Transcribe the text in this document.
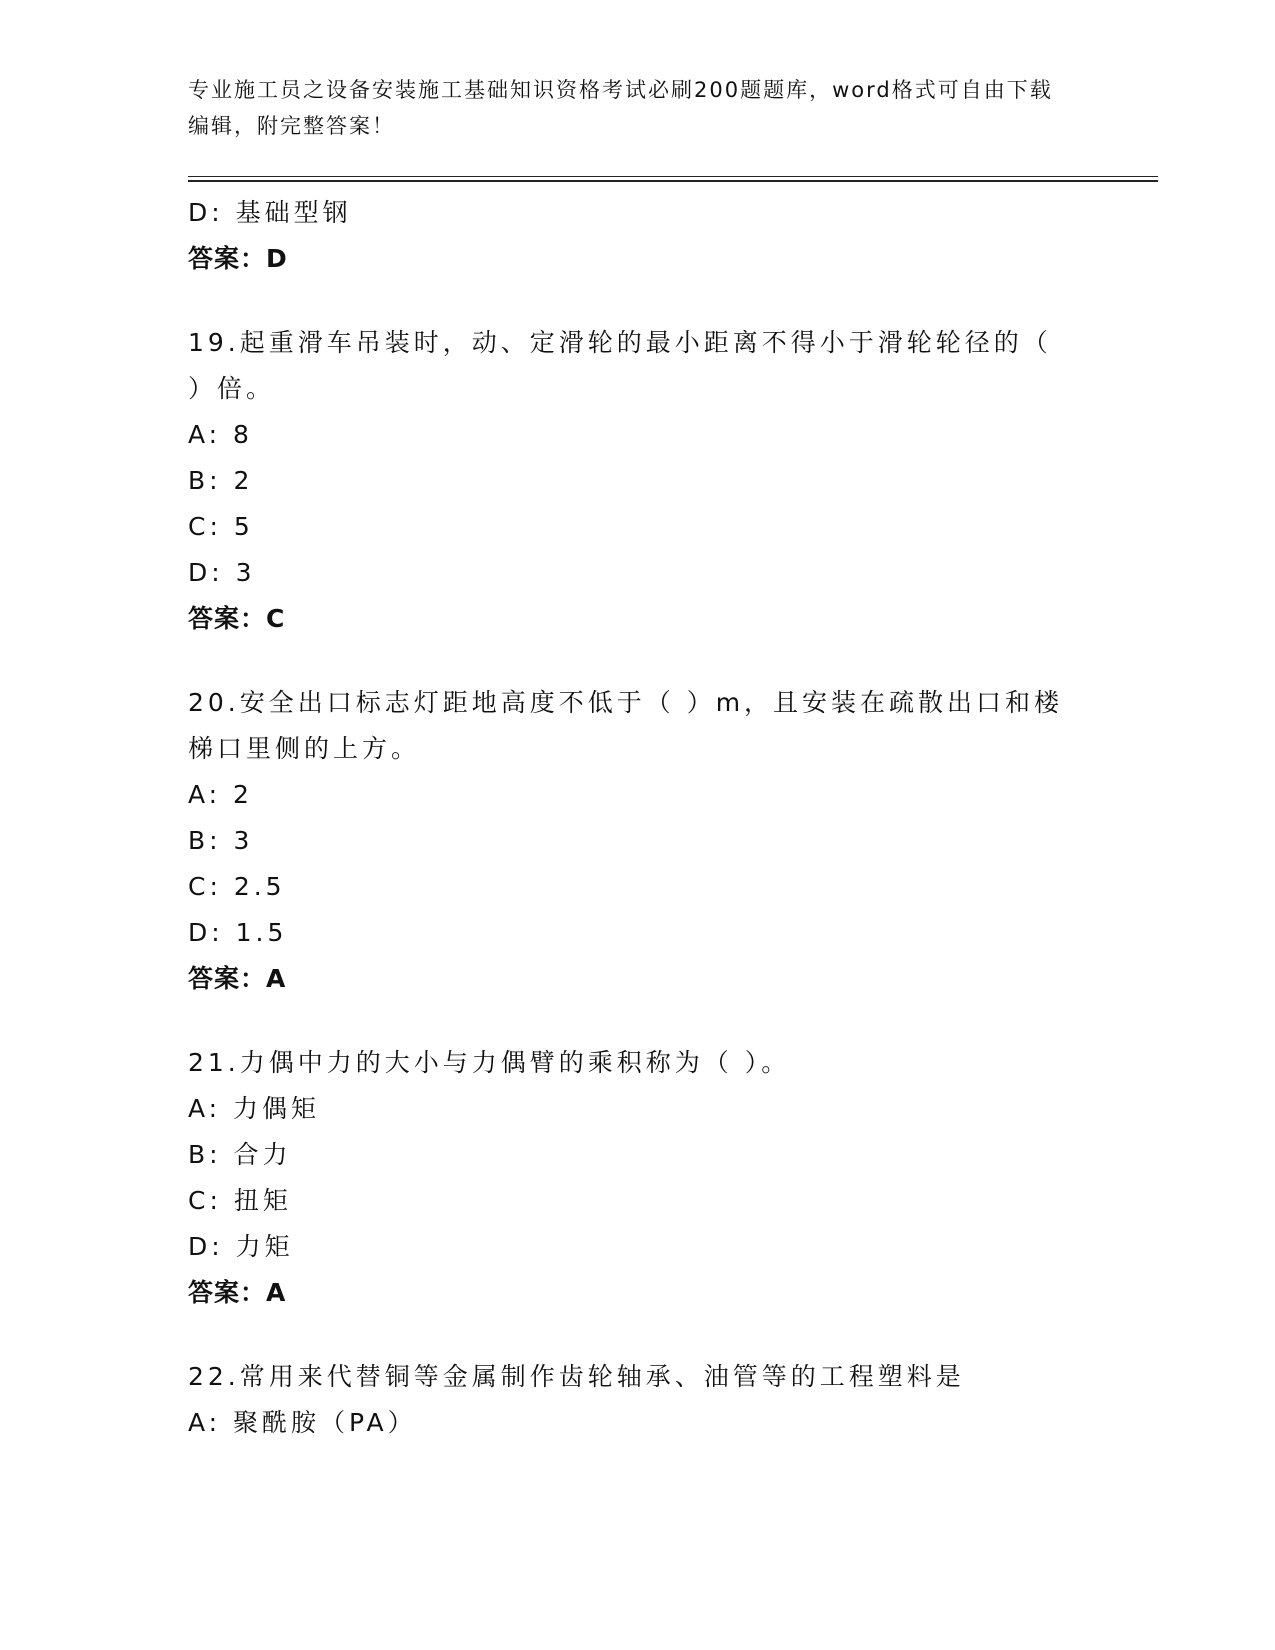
专业施工员之设备安装施工基础知识资格考试必刷200题题库，word格式可自由下载编辑，附完整答案！
D: 基础型钢
答案：D
19.起重滑车吊装时，动、定滑轮的最小距离不得小于滑轮轮径的（ ）倍。
A: 8
B: 2
C: 5
D: 3
答案：C
20.安全出口标志灯距地高度不低于（ ）m，且安装在疏散出口和楼梯口里侧的上方。
A: 2
B: 3
C: 2.5
D: 1.5
答案：A
21.力偶中力的大小与力偶臂的乘积称为（ ）。
A: 力偶矩
B: 合力
C: 扭矩
D: 力矩
答案：A
22.常用来代替铜等金属制作齿轮轴承、油管等的工程塑料是
A: 聚酰胺（PA）
